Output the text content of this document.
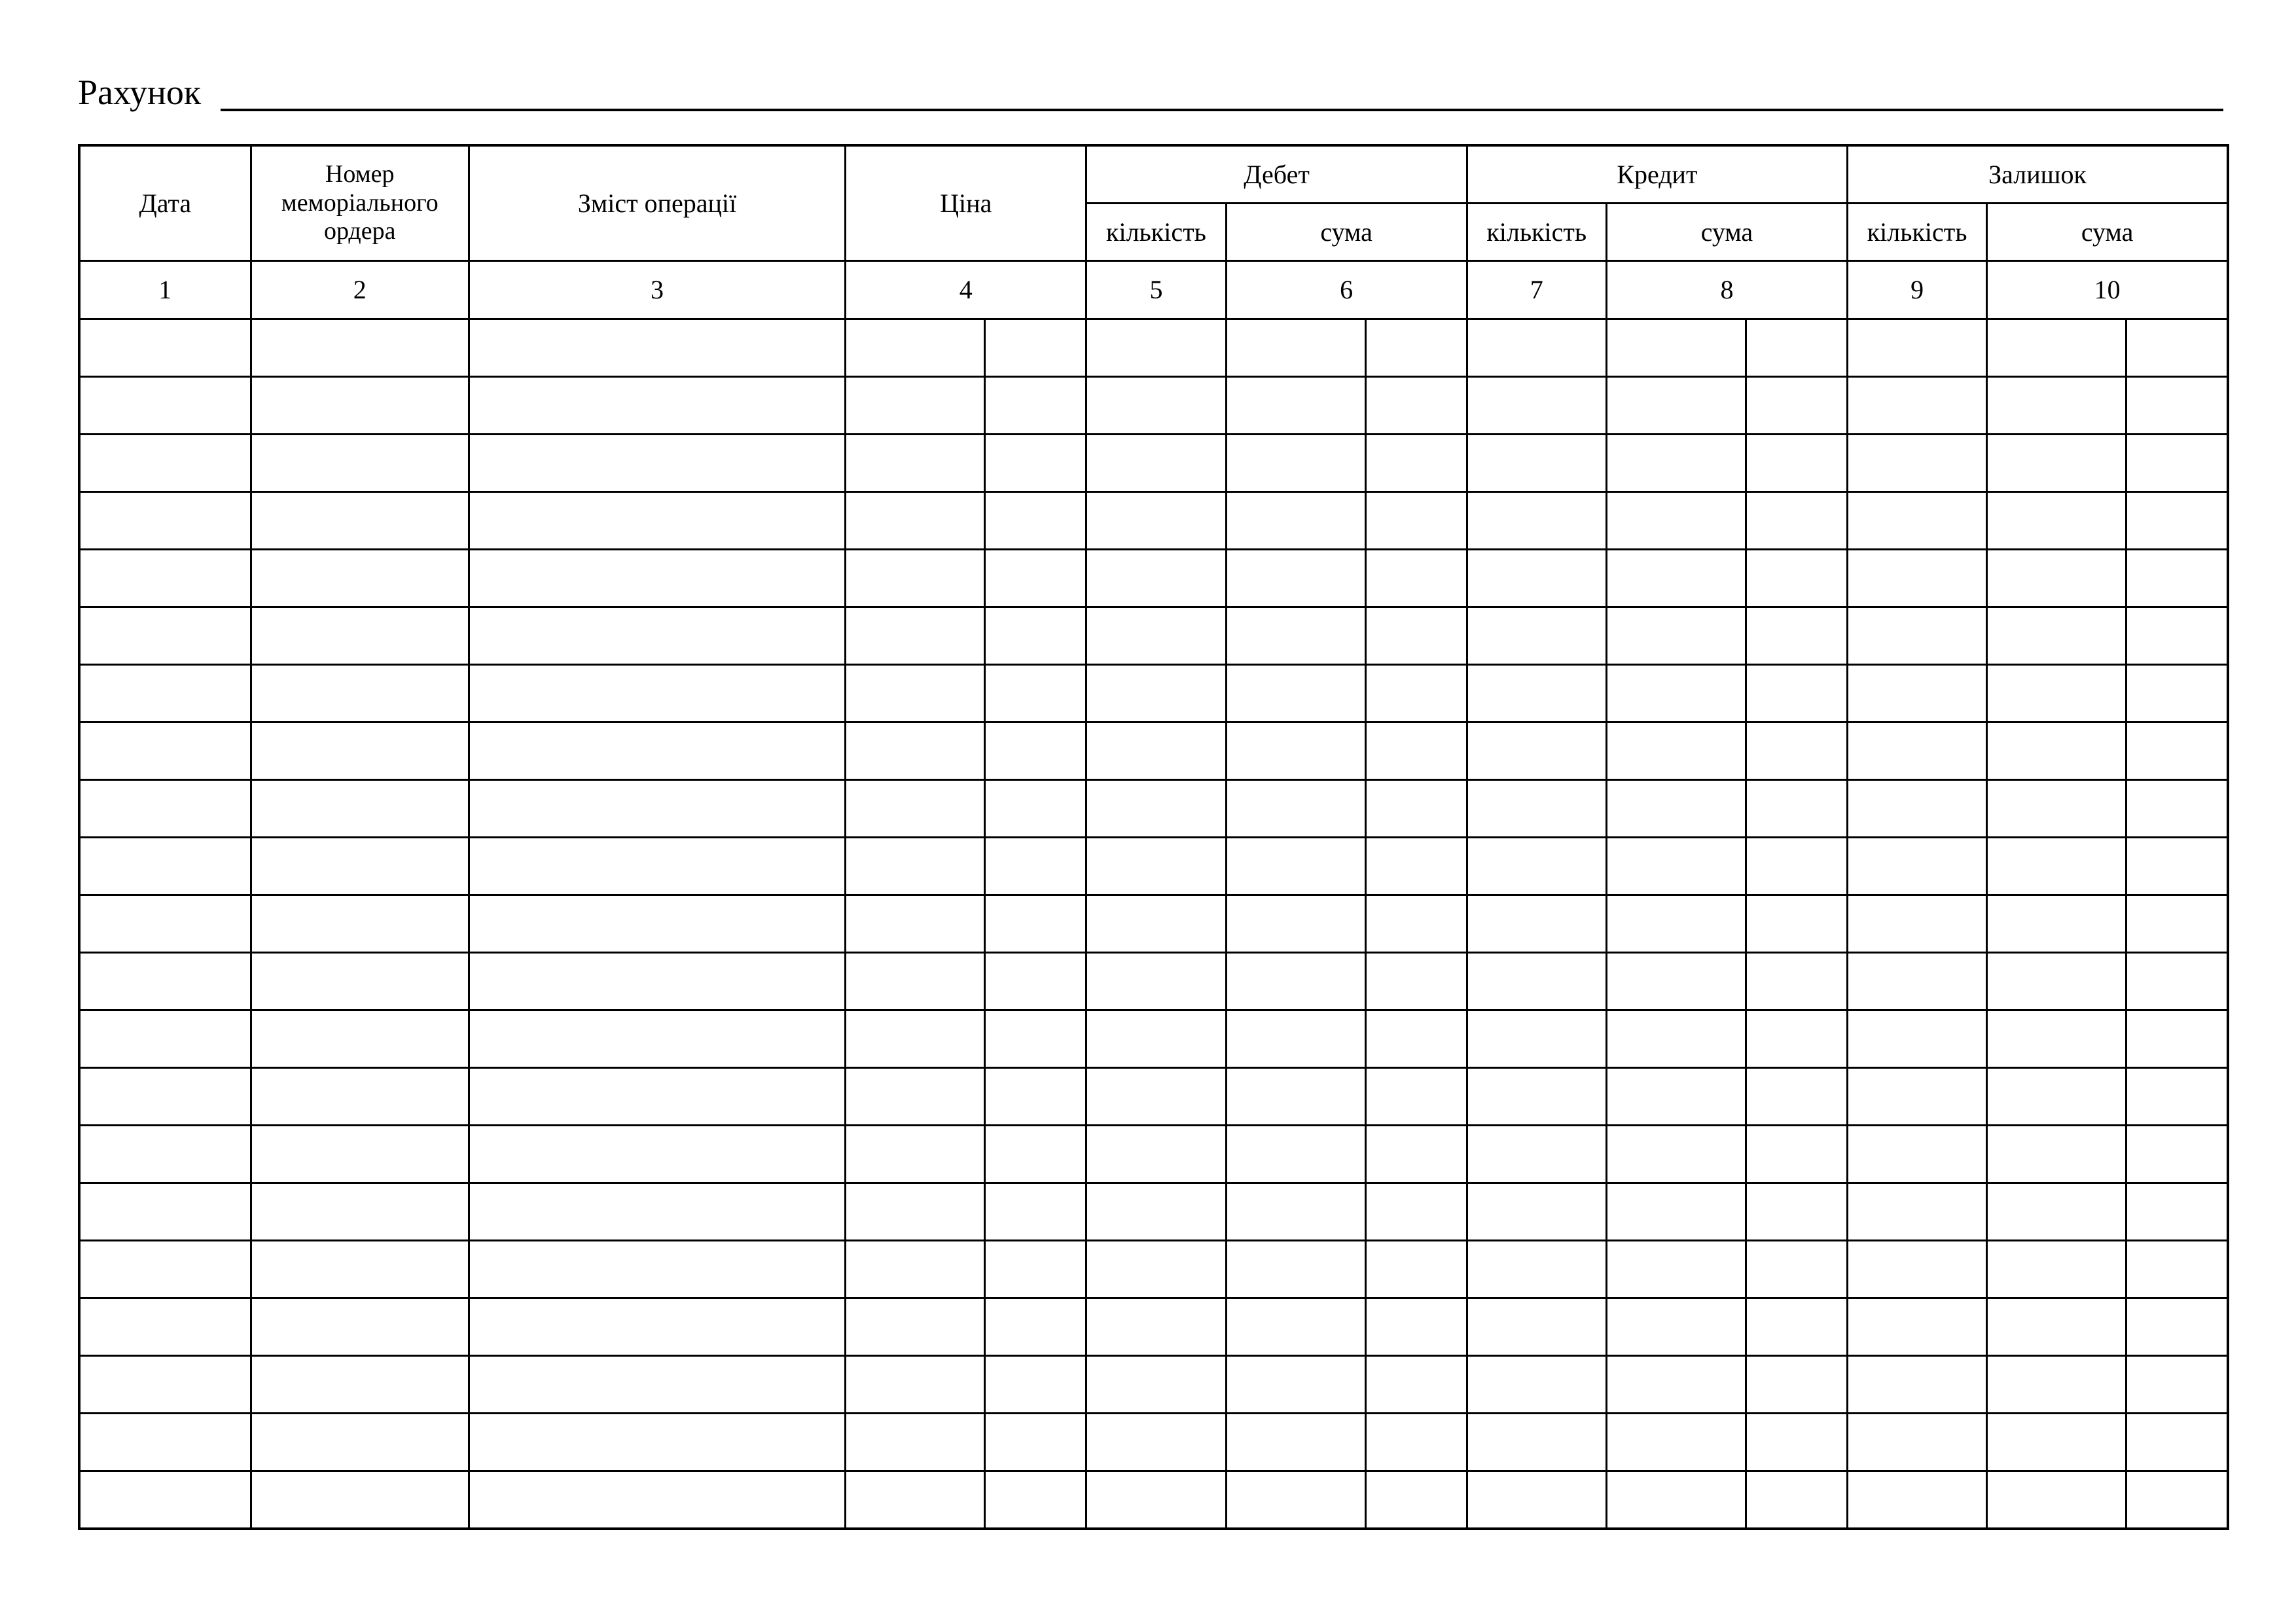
Рахунок
Дата	Номер меморіального ордера	Зміст операції	Ціна		Дебет			Кредит			Залишок		
					кількість	сума		кількість	сума		кількість	сума	
1	2	3	4		5	6		7	8		9	10	
